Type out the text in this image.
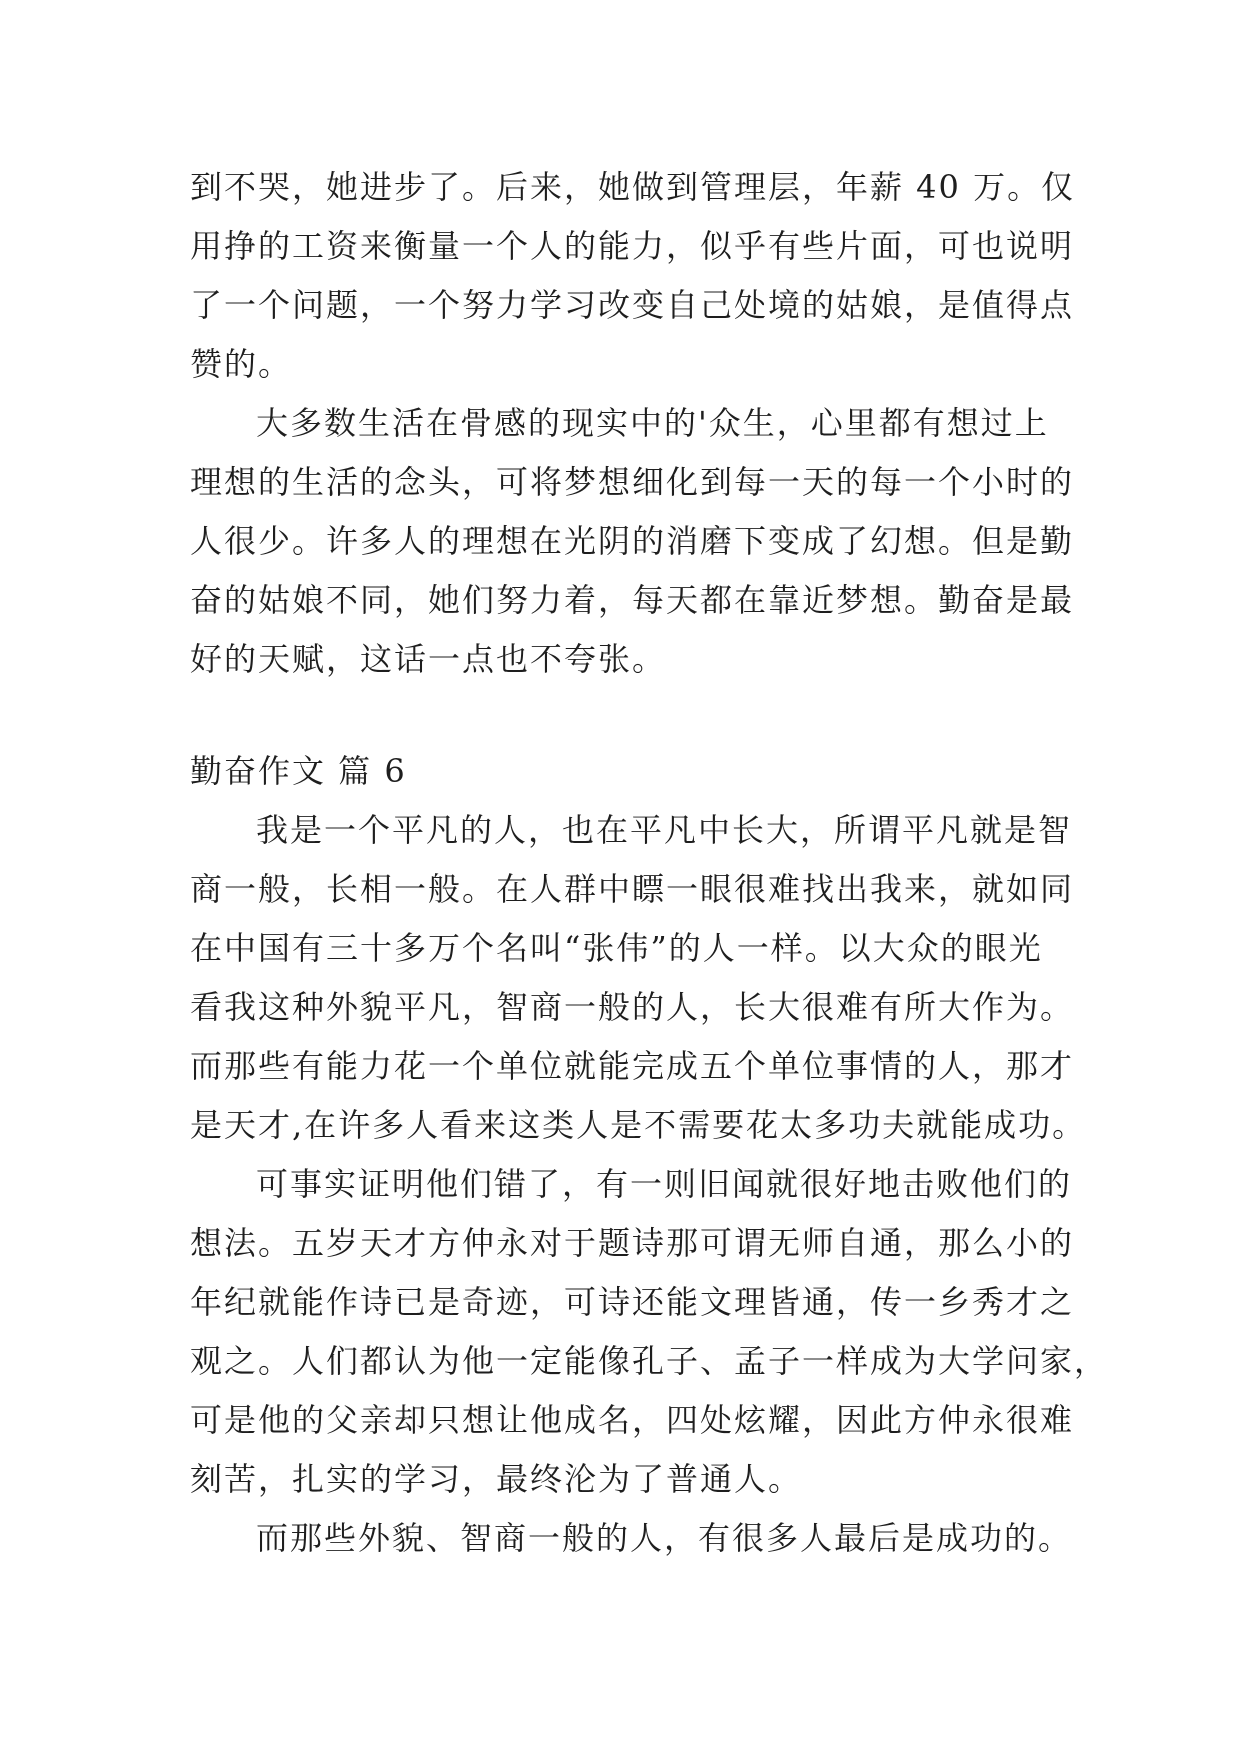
到不哭，她进步了。后来，她做到管理层，年薪 40 万。仅
用挣的工资来衡量一个人的能力，似乎有些片面，可也说明
了一个问题，一个努力学习改变自己处境的姑娘，是值得点
赞的。
大多数生活在骨感的现实中的'众生，心里都有想过上
理想的生活的念头，可将梦想细化到每一天的每一个小时的
人很少。许多人的理想在光阴的消磨下变成了幻想。但是勤
奋的姑娘不同，她们努力着，每天都在靠近梦想。勤奋是最
好的天赋，这话一点也不夸张。
勤奋作文 篇 6
我是一个平凡的人，也在平凡中长大，所谓平凡就是智
商一般，长相一般。在人群中瞟一眼很难找出我来，就如同
在中国有三十多万个名叫“张伟”的人一样。以大众的眼光
看我这种外貌平凡，智商一般的人，长大很难有所大作为。
而那些有能力花一个单位就能完成五个单位事情的人，那才
是天才,在许多人看来这类人是不需要花太多功夫就能成功。
可事实证明他们错了，有一则旧闻就很好地击败他们的
想法。五岁天才方仲永对于题诗那可谓无师自通，那么小的
年纪就能作诗已是奇迹，可诗还能文理皆通，传一乡秀才之
观之。人们都认为他一定能像孔子、孟子一样成为大学问家，
可是他的父亲却只想让他成名，四处炫耀，因此方仲永很难
刻苦，扎实的学习，最终沦为了普通人。
而那些外貌、智商一般的人，有很多人最后是成功的。
